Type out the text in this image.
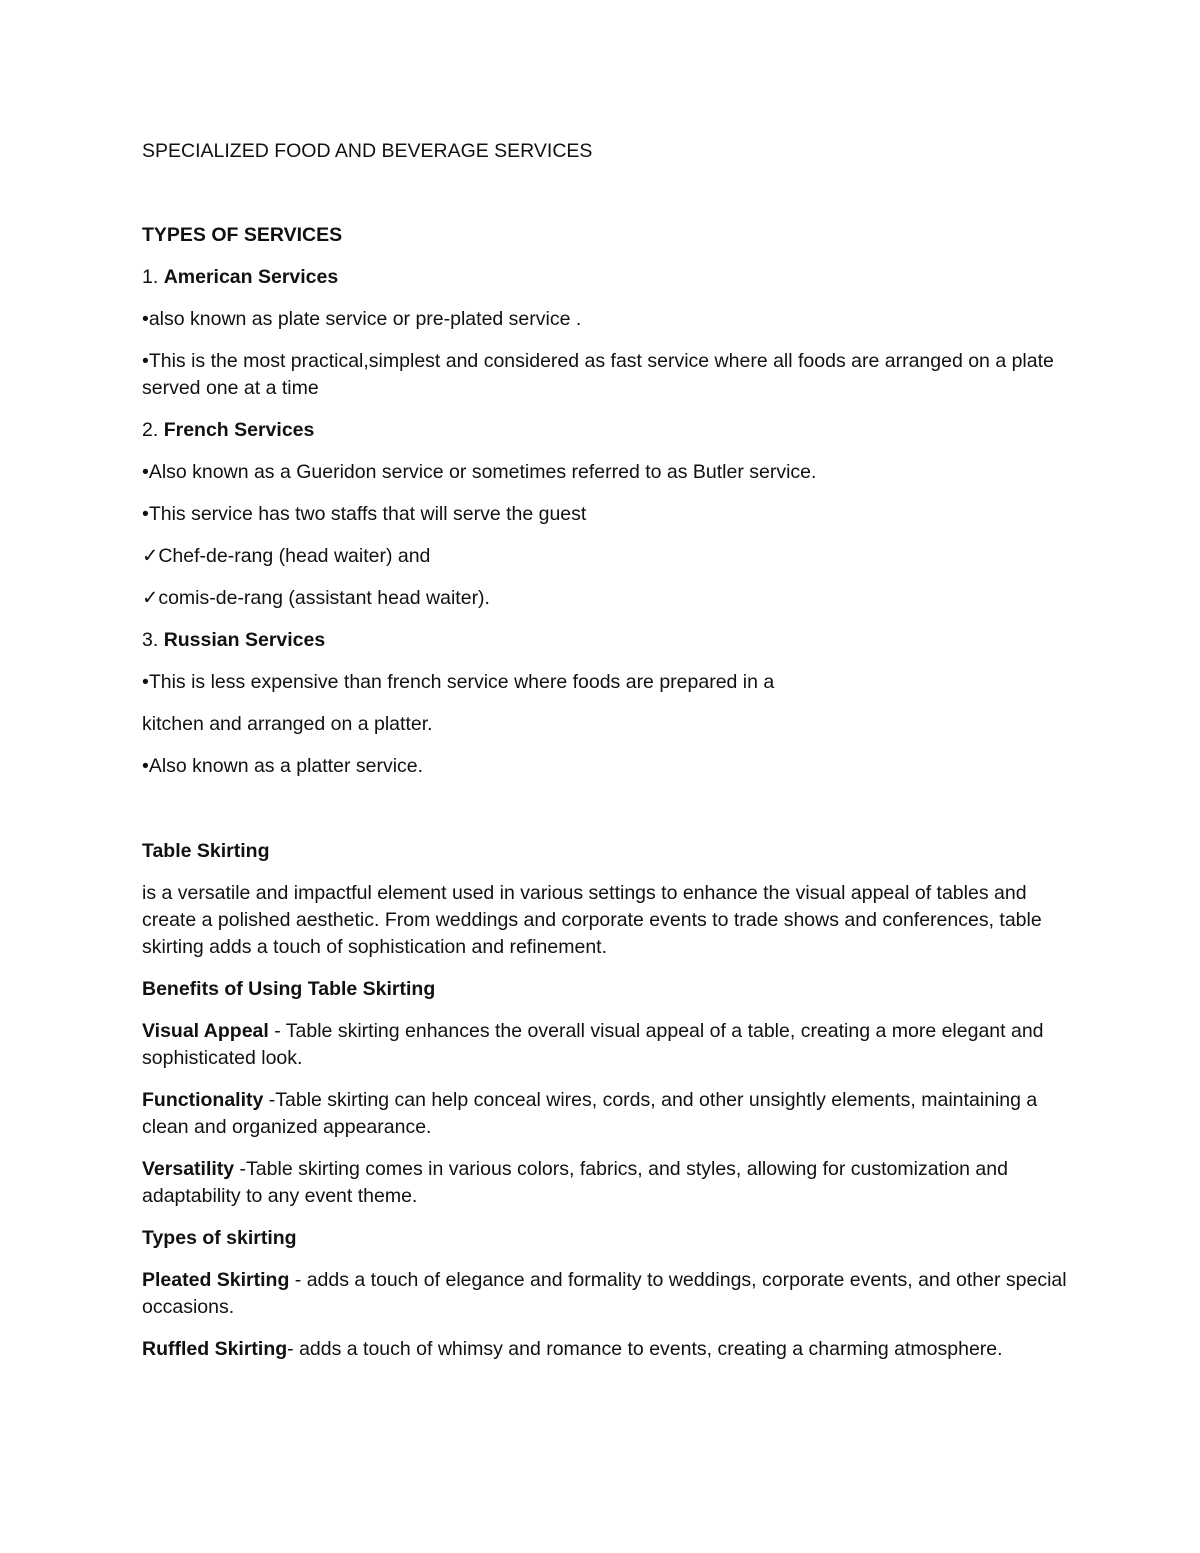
SPECIALIZED FOOD AND BEVERAGE SERVICES

TYPES OF SERVICES

1. American Services

•also known as plate service or pre-plated service .

•This is the most practical,simplest and considered as fast service where all foods are arranged on a plate served one at a time

2. French Services

•Also known as a Gueridon service or sometimes referred to as Butler service.

•This service has two staffs that will serve the guest

✓Chef-de-rang (head waiter) and

✓comis-de-rang (assistant head waiter).

3. Russian Services

•This is less expensive than french service where foods are prepared in a

kitchen and arranged on a platter.

•Also known as a platter service.

Table Skirting

is a versatile and impactful element used in various settings to enhance the visual appeal of tables and create a polished aesthetic. From weddings and corporate events to trade shows and conferences, table skirting adds a touch of sophistication and refinement.

Benefits of Using Table Skirting

Visual Appeal - Table skirting enhances the overall visual appeal of a table, creating a more elegant and sophisticated look.

Functionality -Table skirting can help conceal wires, cords, and other unsightly elements, maintaining a clean and organized appearance.

Versatility -Table skirting comes in various colors, fabrics, and styles, allowing for customization and adaptability to any event theme.

Types of skirting

Pleated Skirting - adds a touch of elegance and formality to weddings, corporate events, and other special occasions.

Ruffled Skirting- adds a touch of whimsy and romance to events, creating a charming atmosphere.
